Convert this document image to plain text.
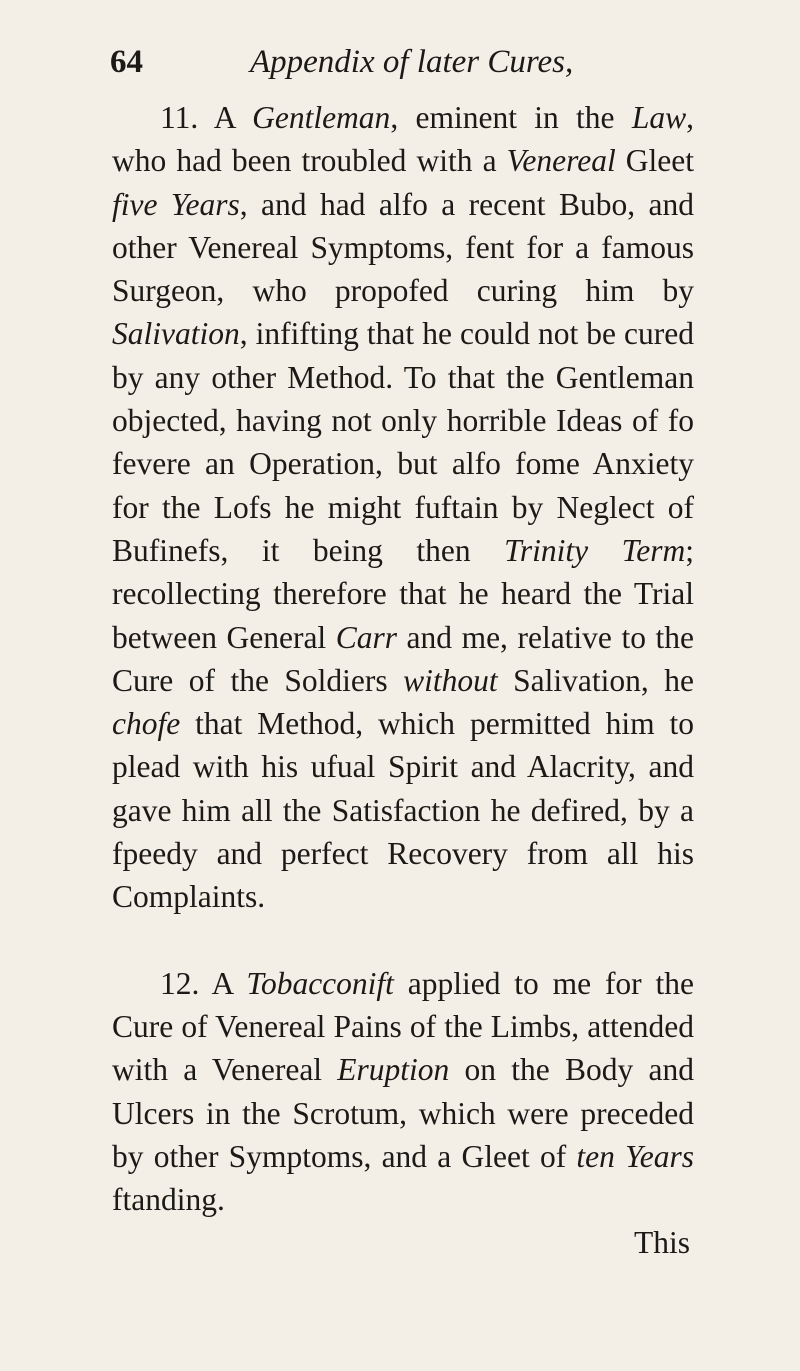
64	Appendix of later Cures,

11. A Gentleman, eminent in the Law, who had been troubled with a Venereal Gleet five Years, and had alfo a recent Bubo, and other Venereal Symptoms, fent for a famous Surgeon, who propofed curing him by Salivation, infifting that he could not be cured by any other Method. To that the Gentleman objected, having not only horrible Ideas of fo fevere an Operation, but alfo fome Anxiety for the Lofs he might fuftain by Neglect of Bufinefs, it being then Trinity Term; recollecting therefore that he heard the Trial between General Carr and me, relative to the Cure of the Soldiers without Salivation, he chofe that Method, which permitted him to plead with his ufual Spirit and Alacrity, and gave him all the Satisfaction he defired, by a fpeedy and perfect Recovery from all his Complaints.

12. A Tobacconift applied to me for the Cure of Venereal Pains of the Limbs, attended with a Venereal Eruption on the Body and Ulcers in the Scrotum, which were preceded by other Symptoms, and a Gleet of ten Years ftanding.

This
